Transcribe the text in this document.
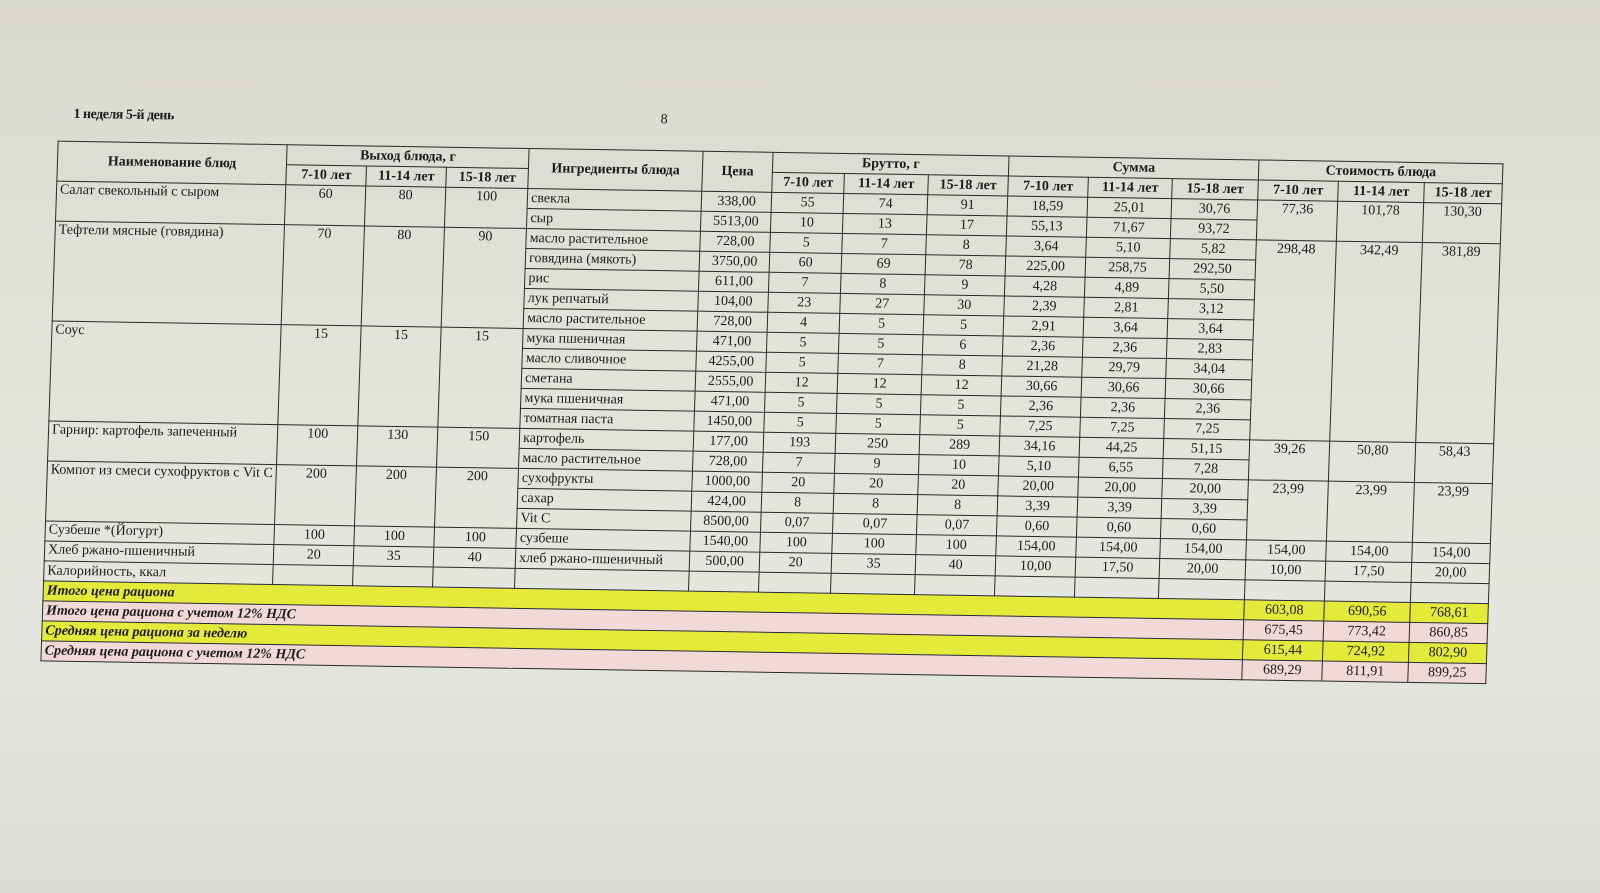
1 неделя 5-й день	8
Наименование блюд	Выход блюда, г			Ингредиенты блюда	Цена	Брутто, г			Сумма			Стоимость блюда		
	7-10 лет	11-14 лет	15-18 лет			7-10 лет	11-14 лет	15-18 лет	7-10 лет	11-14 лет	15-18 лет	7-10 лет	11-14 лет	15-18 лет
Салат свекольный с сыром	60	80	100	свекла	338,00	55	74	91	18,59	25,01	30,76	77,36	101,78	130,30
				сыр	5513,00	10	13	17	55,13	71,67	93,72			
Тефтели мясные (говядина)	70	80	90	масло растительное	728,00	5	7	8	3,64	5,10	5,82	298,48	342,49	381,89
				говядина (мякоть)	3750,00	60	69	78	225,00	258,75	292,50			
				рис	611,00	7	8	9	4,28	4,89	5,50			
				лук репчатый	104,00	23	27	30	2,39	2,81	3,12			
				масло растительное	728,00	4	5	5	2,91	3,64	3,64			
Соус	15	15	15	мука пшеничная	471,00	5	5	6	2,36	2,36	2,83			
				масло сливочное	4255,00	5	7	8	21,28	29,79	34,04			
				сметана	2555,00	12	12	12	30,66	30,66	30,66			
				мука пшеничная	471,00	5	5	5	2,36	2,36	2,36			
				томатная паста	1450,00	5	5	5	7,25	7,25	7,25			
Гарнир: картофель запеченный	100	130	150	картофель	177,00	193	250	289	34,16	44,25	51,15	39,26	50,80	58,43
				масло растительное	728,00	7	9	10	5,10	6,55	7,28			
Компот из смеси сухофруктов с Vit C	200	200	200	сухофрукты	1000,00	20	20	20	20,00	20,00	20,00	23,99	23,99	23,99
				сахар	424,00	8	8	8	3,39	3,39	3,39			
				Vit C	8500,00	0,07	0,07	0,07	0,60	0,60	0,60			
Сузбеше *(Йогурт)	100	100	100	сузбеше	1540,00	100	100	100	154,00	154,00	154,00	154,00	154,00	154,00
Хлеб ржано-пшеничный	20	35	40	хлеб ржано-пшеничный	500,00	20	35	40	10,00	17,50	20,00	10,00	17,50	20,00
Калорийность, ккал														
Итого цена рациона												603,08	690,56	768,61
Итого цена рациона с учетом 12% НДС												675,45	773,42	860,85
Средняя цена рациона за неделю												615,44	724,92	802,90
Средняя цена рациона с учетом 12% НДС												689,29	811,91	899,25
